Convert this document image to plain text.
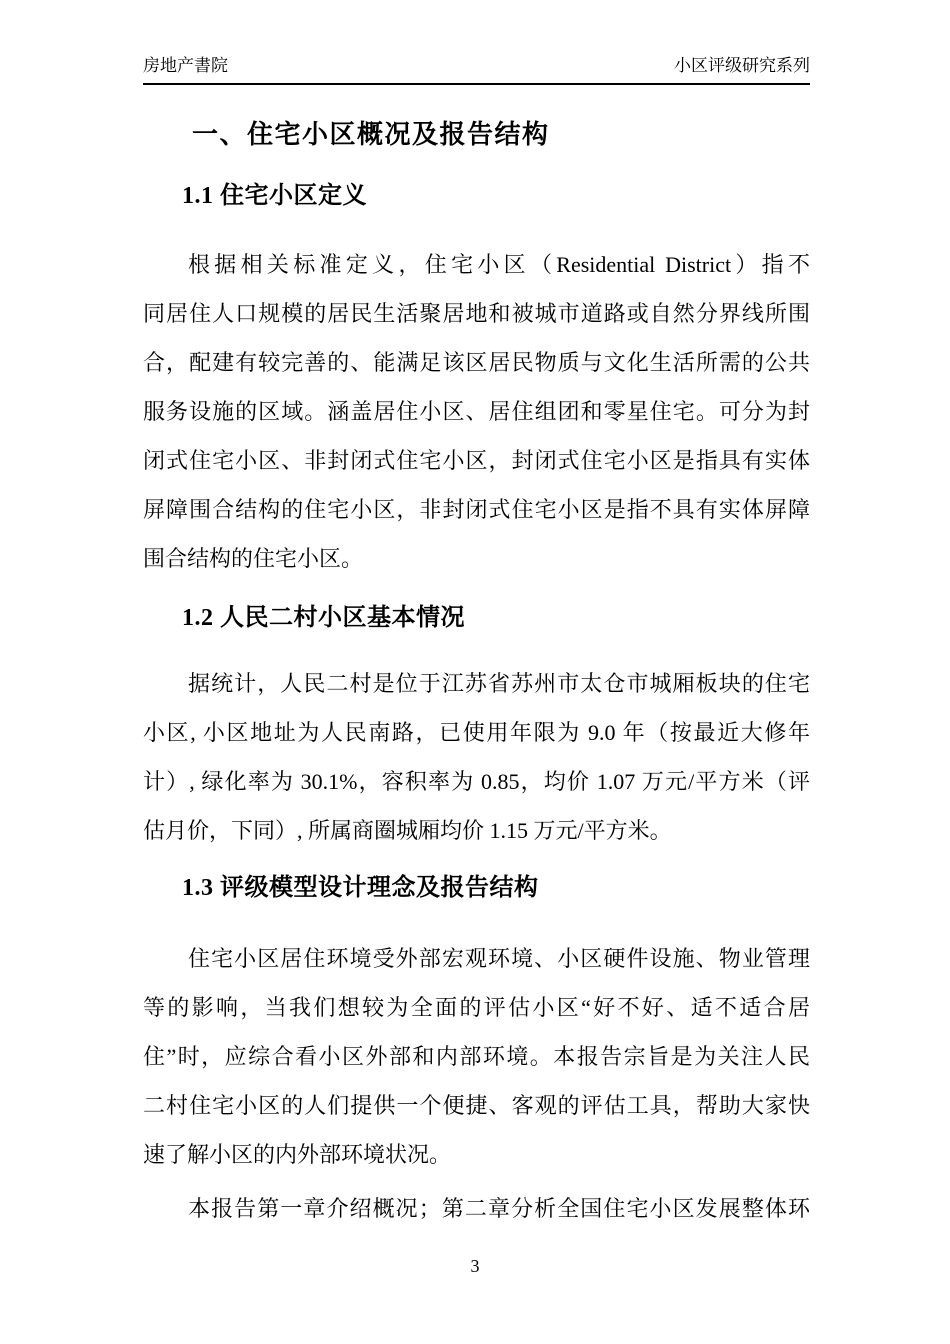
房地产書院	小区评级研究系列
一、住宅小区概况及报告结构
1.1 住宅小区定义
根据相关标准定义，住宅小区（Residential District）指不
同居住人口规模的居民生活聚居地和被城市道路或自然分界线所围
合，配建有较完善的、能满足该区居民物质与文化生活所需的公共
服务设施的区域。涵盖居住小区、居住组团和零星住宅。可分为封
闭式住宅小区、非封闭式住宅小区，封闭式住宅小区是指具有实体
屏障围合结构的住宅小区，非封闭式住宅小区是指不具有实体屏障
围合结构的住宅小区。
1.2 人民二村小区基本情况
据统计，人民二村是位于江苏省苏州市太仓市城厢板块的住宅
小区, 小区地址为人民南路，已使用年限为 9.0 年（按最近大修年
计）, 绿化率为 30.1%，容积率为 0.85，均价 1.07 万元/平方米（评
估月价，下同）, 所属商圈城厢均价 1.15 万元/平方米。
1.3 评级模型设计理念及报告结构
住宅小区居住环境受外部宏观环境、小区硬件设施、物业管理
等的影响，当我们想较为全面的评估小区“好不好、适不适合居
住”时，应综合看小区外部和内部环境。本报告宗旨是为关注人民
二村住宅小区的人们提供一个便捷、客观的评估工具，帮助大家快
速了解小区的内外部环境状况。
本报告第一章介绍概况；第二章分析全国住宅小区发展整体环
3
